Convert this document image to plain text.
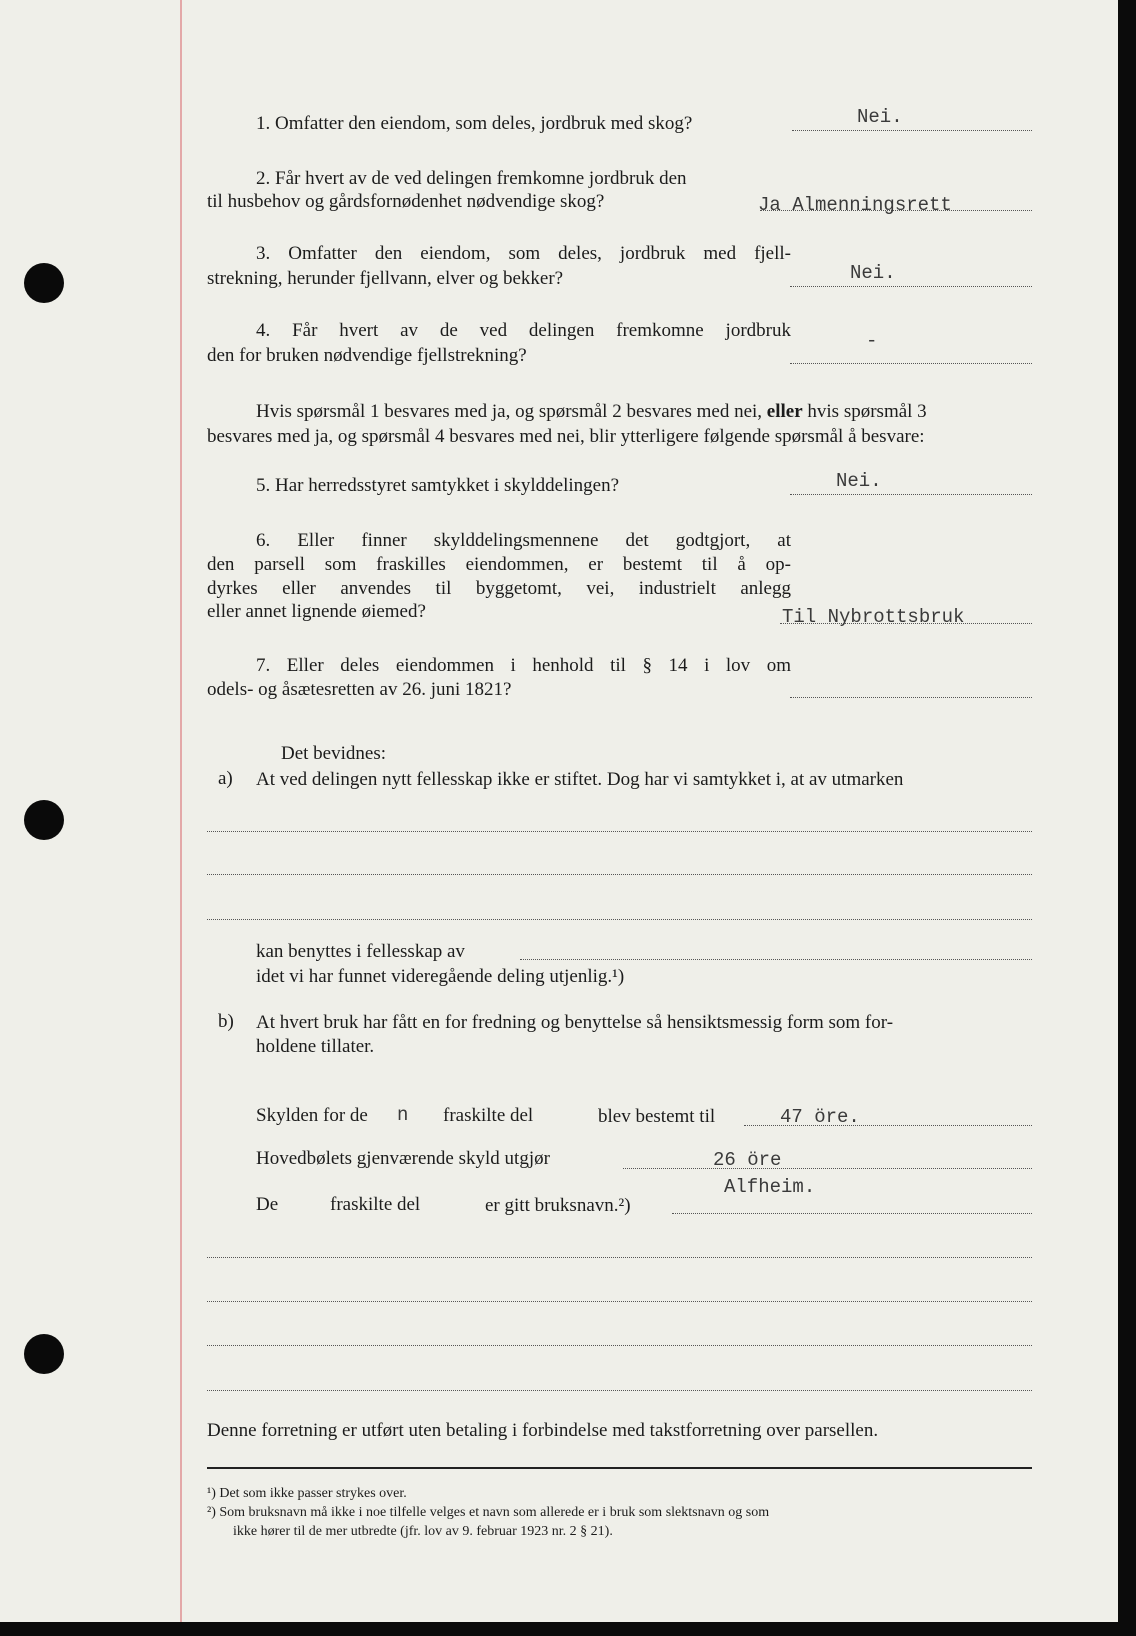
1. Omfatter den eiendom, som deles, jordbruk med skog?	Nei.
2. Får hvert av de ved delingen fremkomne jordbruk den
til husbehov og gårdsfornødenhet nødvendige skog?	Ja Almenningsrett
3. Omfatter den eiendom, som deles, jordbruk med fjell-
strekning, herunder fjellvann, elver og bekker?	Nei.
4. Får hvert av de ved delingen fremkomne jordbruk
den for bruken nødvendige fjellstrekning?
-
Hvis spørsmål 1 besvares med ja, og spørsmål 2 besvares med nei, eller hvis spørsmål 3
besvares med ja, og spørsmål 4 besvares med nei, blir ytterligere følgende spørsmål å besvare:
5. Har herredsstyret samtykket i skylddelingen?	Nei.
6. Eller finner skylddelingsmennene det godtgjort, at
den parsell som fraskilles eiendommen, er bestemt til å op-
dyrkes eller anvendes til byggetomt, vei, industrielt anlegg
eller annet lignende øiemed?	Til Nybrottsbruk
7. Eller deles eiendommen i henhold til § 14 i lov om
odels- og åsætesretten av 26. juni 1821?
Det bevidnes:
a) At ved delingen nytt fellesskap ikke er stiftet. Dog har vi samtykket i, at av utmarken
kan benyttes i fellesskap av
idet vi har funnet videregående deling utjenlig.¹)
b) At hvert bruk har fått en for fredning og benyttelse så hensiktsmessig form som for-
holdene tillater.
Skylden for de n fraskilte del	blev bestemt til	47 öre.
Hovedbølets gjenværende skyld utgjør	26 öre
De	fraskilte del	er gitt bruksnavn.²)
Alfheim.
Denne forretning er utført uten betaling i forbindelse med takstforretning over parsellen.
¹) Det som ikke passer strykes over.
²) Som bruksnavn må ikke i noe tilfelle velges et navn som allerede er i bruk som slektsnavn og som
ikke hører til de mer utbredte (jfr. lov av 9. februar 1923 nr. 2 § 21).
